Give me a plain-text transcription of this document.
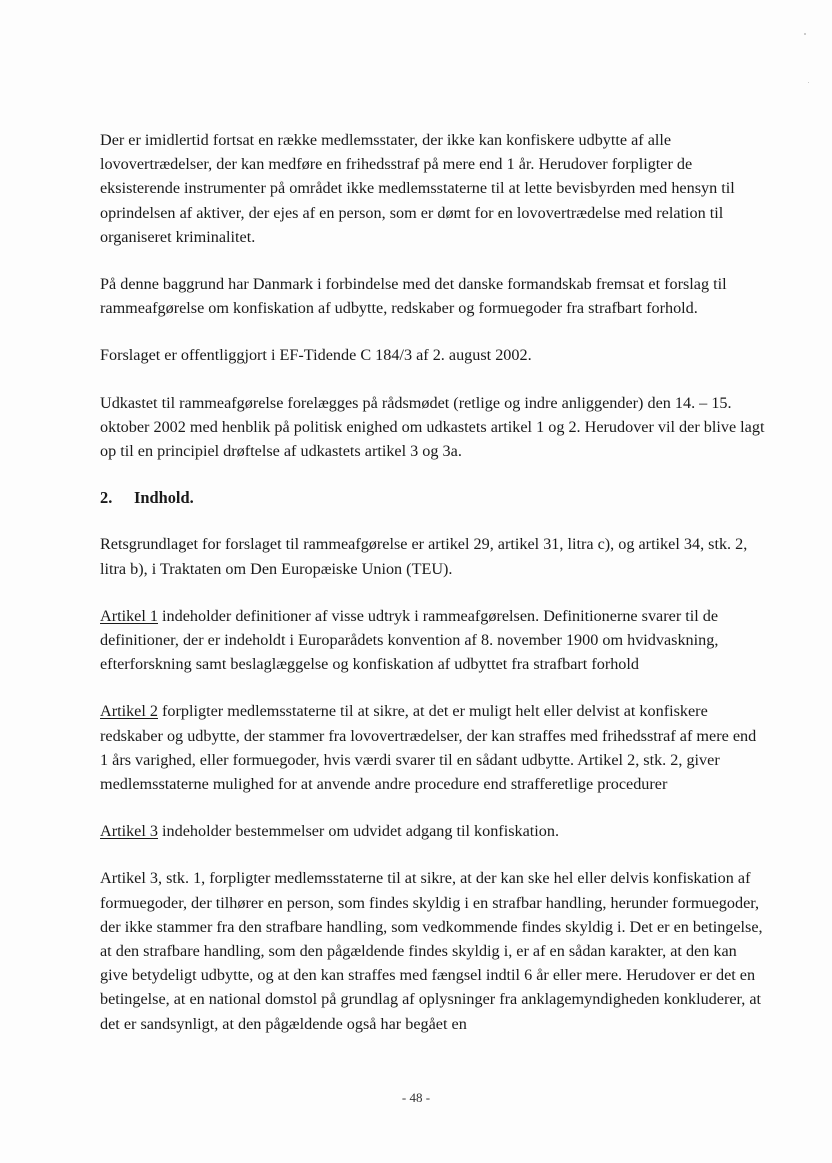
Der er imidlertid fortsat en række medlemsstater, der ikke kan konfiskere udbytte af alle lovovertrædelser, der kan medføre en frihedsstraf på mere end 1 år. Herudover forpligter de eksisterende instrumenter på området ikke medlemsstaterne til at lette bevisbyrden med hensyn til oprindelsen af aktiver, der ejes af en person, som er dømt for en lovovertrædelse med relation til organiseret kriminalitet.

På denne baggrund har Danmark i forbindelse med det danske formandskab fremsat et forslag til rammeafgørelse om konfiskation af udbytte, redskaber og formuegoder fra strafbart forhold.

Forslaget er offentliggjort i EF-Tidende C 184/3 af 2. august 2002.

Udkastet til rammeafgørelse forelægges på rådsmødet (retlige og indre anliggender) den 14. – 15. oktober 2002 med henblik på politisk enighed om udkastets artikel 1 og 2. Herudover vil der blive lagt op til en principiel drøftelse af udkastets artikel 3 og 3a.

2. Indhold.

Retsgrundlaget for forslaget til rammeafgørelse er artikel 29, artikel 31, litra c), og artikel 34, stk. 2, litra b), i Traktaten om Den Europæiske Union (TEU).

Artikel 1 indeholder definitioner af visse udtryk i rammeafgørelsen. Definitionerne svarer til de definitioner, der er indeholdt i Europarådets konvention af 8. november 1900 om hvidvaskning, efterforskning samt beslaglæggelse og konfiskation af udbyttet fra strafbart forhold

Artikel 2 forpligter medlemsstaterne til at sikre, at det er muligt helt eller delvist at konfiskere redskaber og udbytte, der stammer fra lovovertrædelser, der kan straffes med frihedsstraf af mere end 1 års varighed, eller formuegoder, hvis værdi svarer til en sådant udbytte. Artikel 2, stk. 2, giver medlemsstaterne mulighed for at anvende andre procedure end strafferetlige procedurer

Artikel 3 indeholder bestemmelser om udvidet adgang til konfiskation.

Artikel 3, stk. 1, forpligter medlemsstaterne til at sikre, at der kan ske hel eller delvis konfiskation af formuegoder, der tilhører en person, som findes skyldig i en strafbar handling, herunder formuegoder, der ikke stammer fra den strafbare handling, som vedkommende findes skyldig i. Det er en betingelse, at den strafbare handling, som den pågældende findes skyldig i, er af en sådan karakter, at den kan give betydeligt udbytte, og at den kan straffes med fængsel indtil 6 år eller mere. Herudover er det en betingelse, at en national domstol på grundlag af oplysninger fra anklagemyndigheden konkluderer, at det er sandsynligt, at den pågældende også har begået en

- 48 -
